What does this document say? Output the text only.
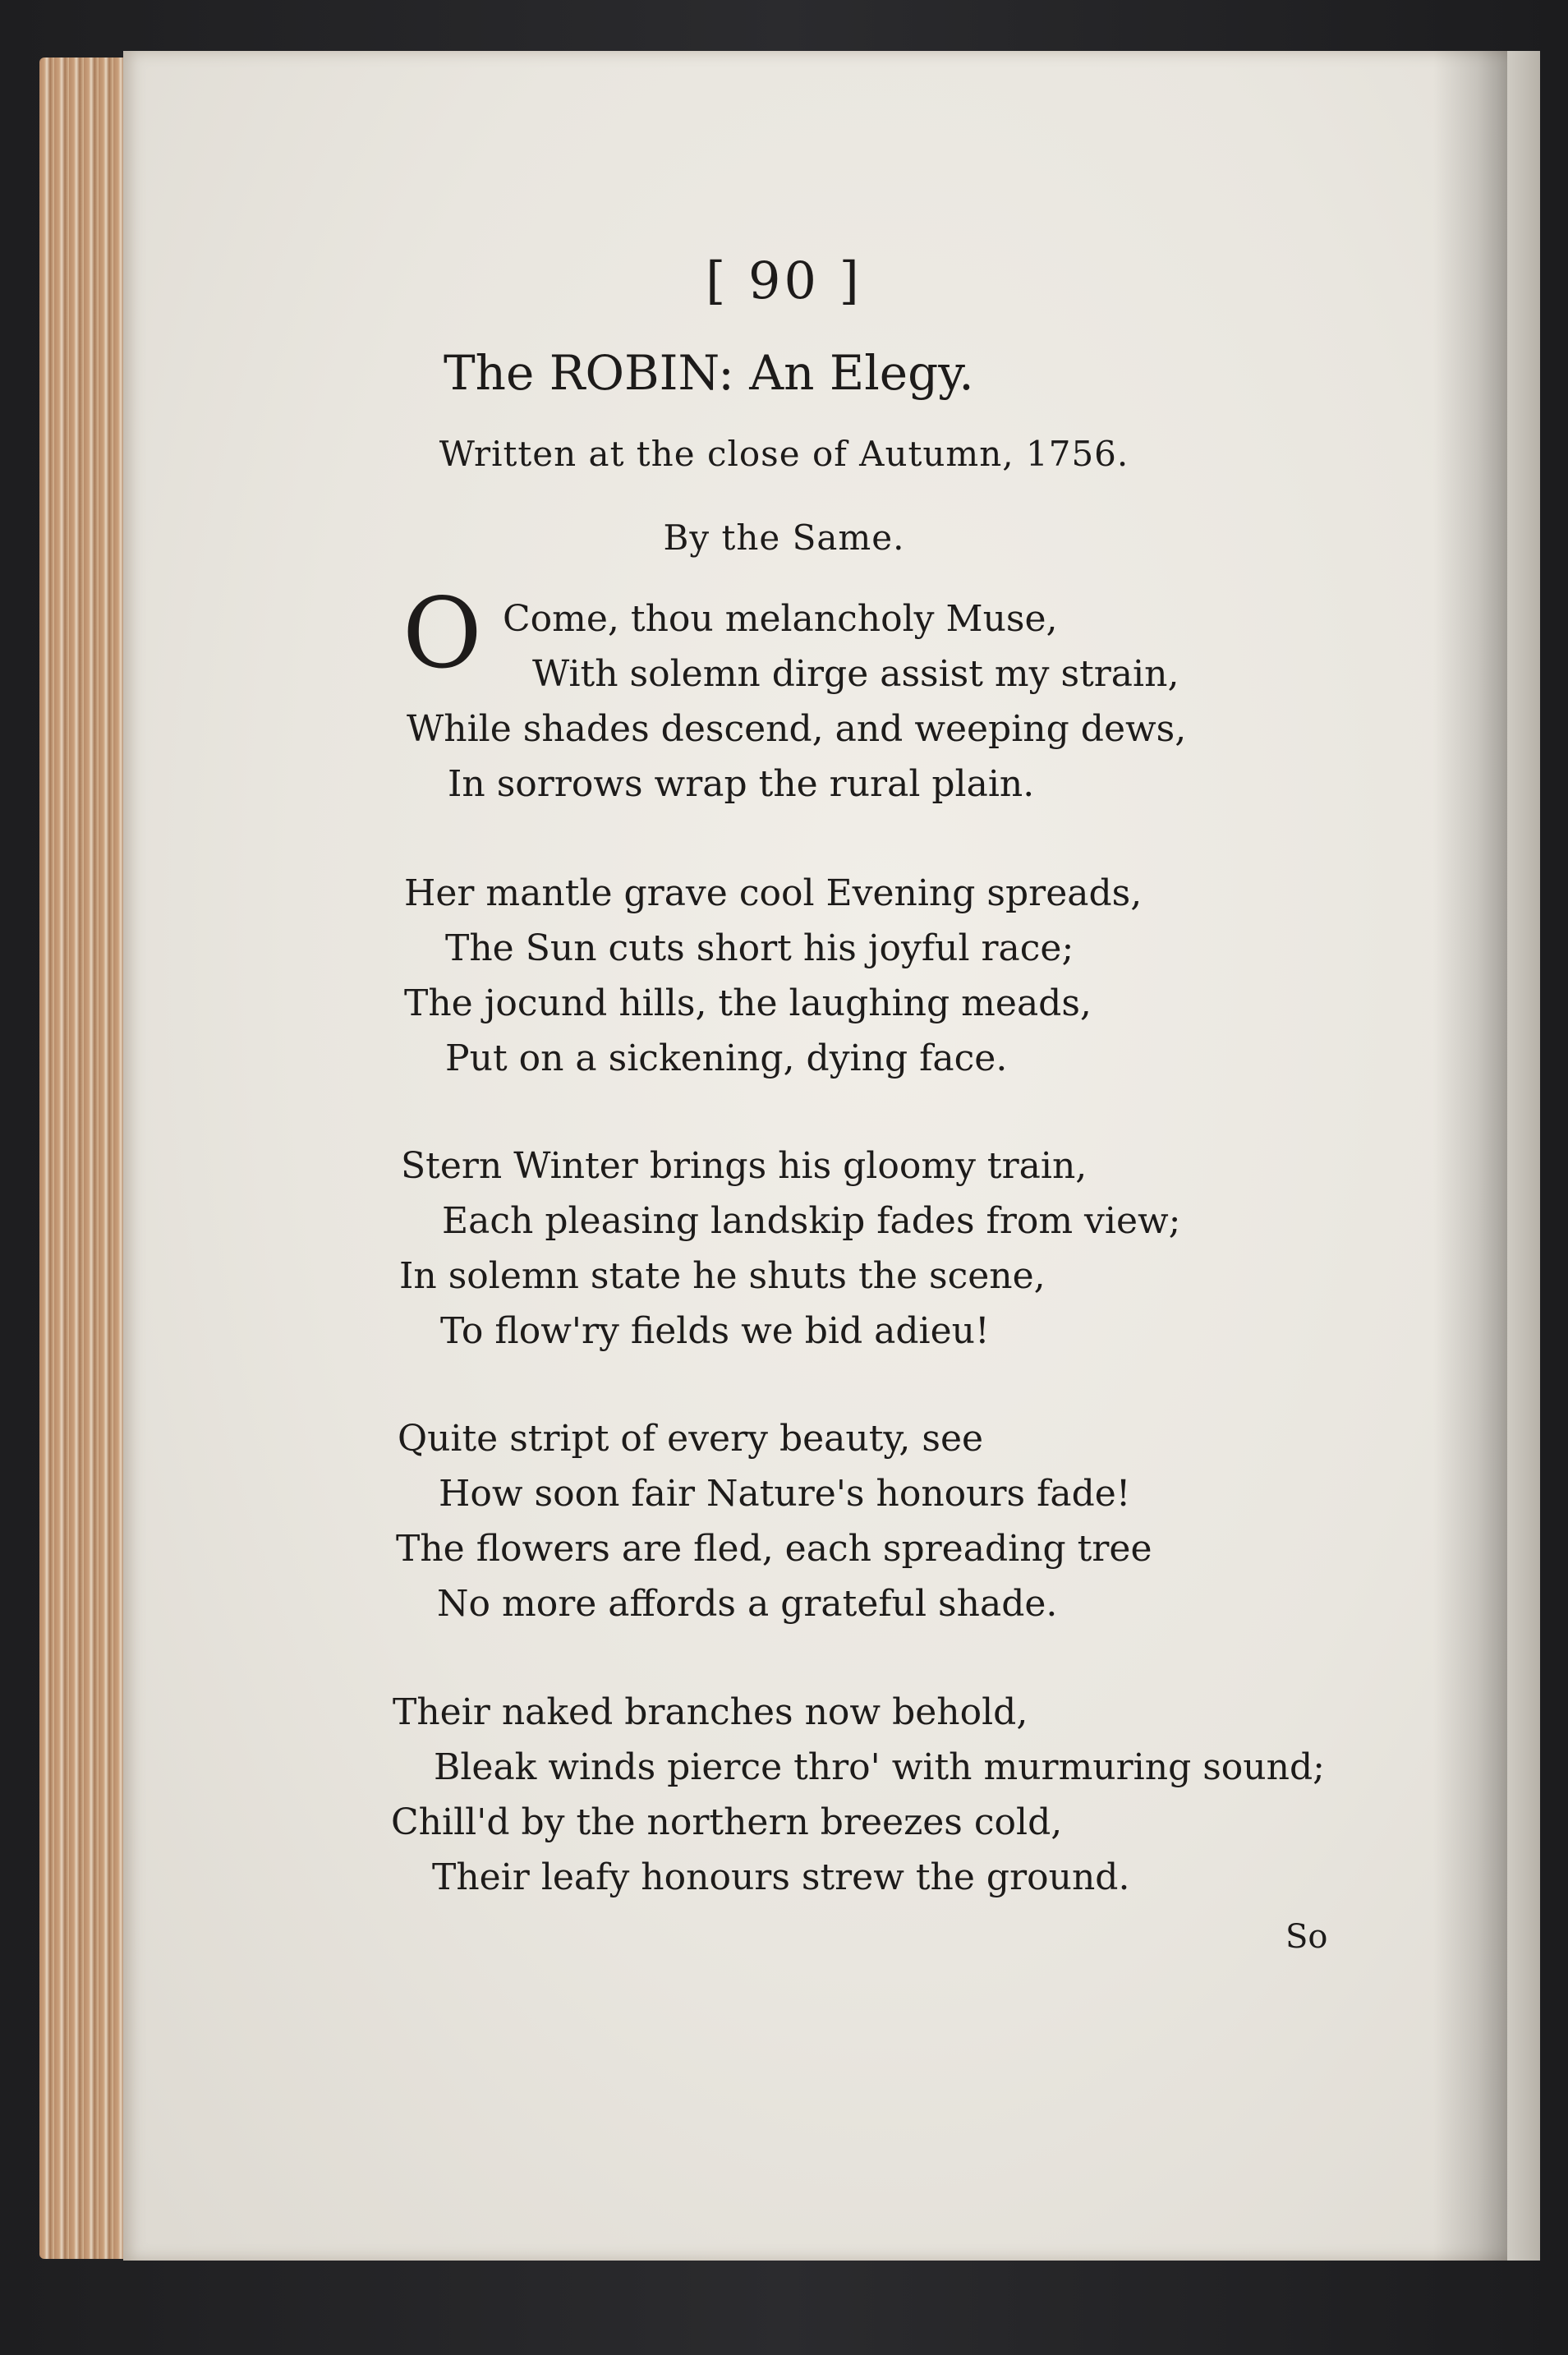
[ 90 ]
The ROBIN: An Elegy.
Written at the close of Autumn, 1756.
By the Same.
O Come, thou melancholy Muse,
With solemn dirge assist my strain,
While shades descend, and weeping dews,
In sorrows wrap the rural plain.
Her mantle grave cool Evening spreads,
The Sun cuts short his joyful race;
The jocund hills, the laughing meads,
Put on a sickening, dying face.
Stern Winter brings his gloomy train,
Each pleasing landskip fades from view;
In solemn state he shuts the scene,
To flow'ry fields we bid adieu!
Quite stript of every beauty, see
How soon fair Nature's honours fade!
The flowers are fled, each spreading tree
No more affords a grateful shade.
Their naked branches now behold,
Bleak winds pierce thro' with murmuring sound;
Chill'd by the northern breezes cold,
Their leafy honours strew the ground.
So
